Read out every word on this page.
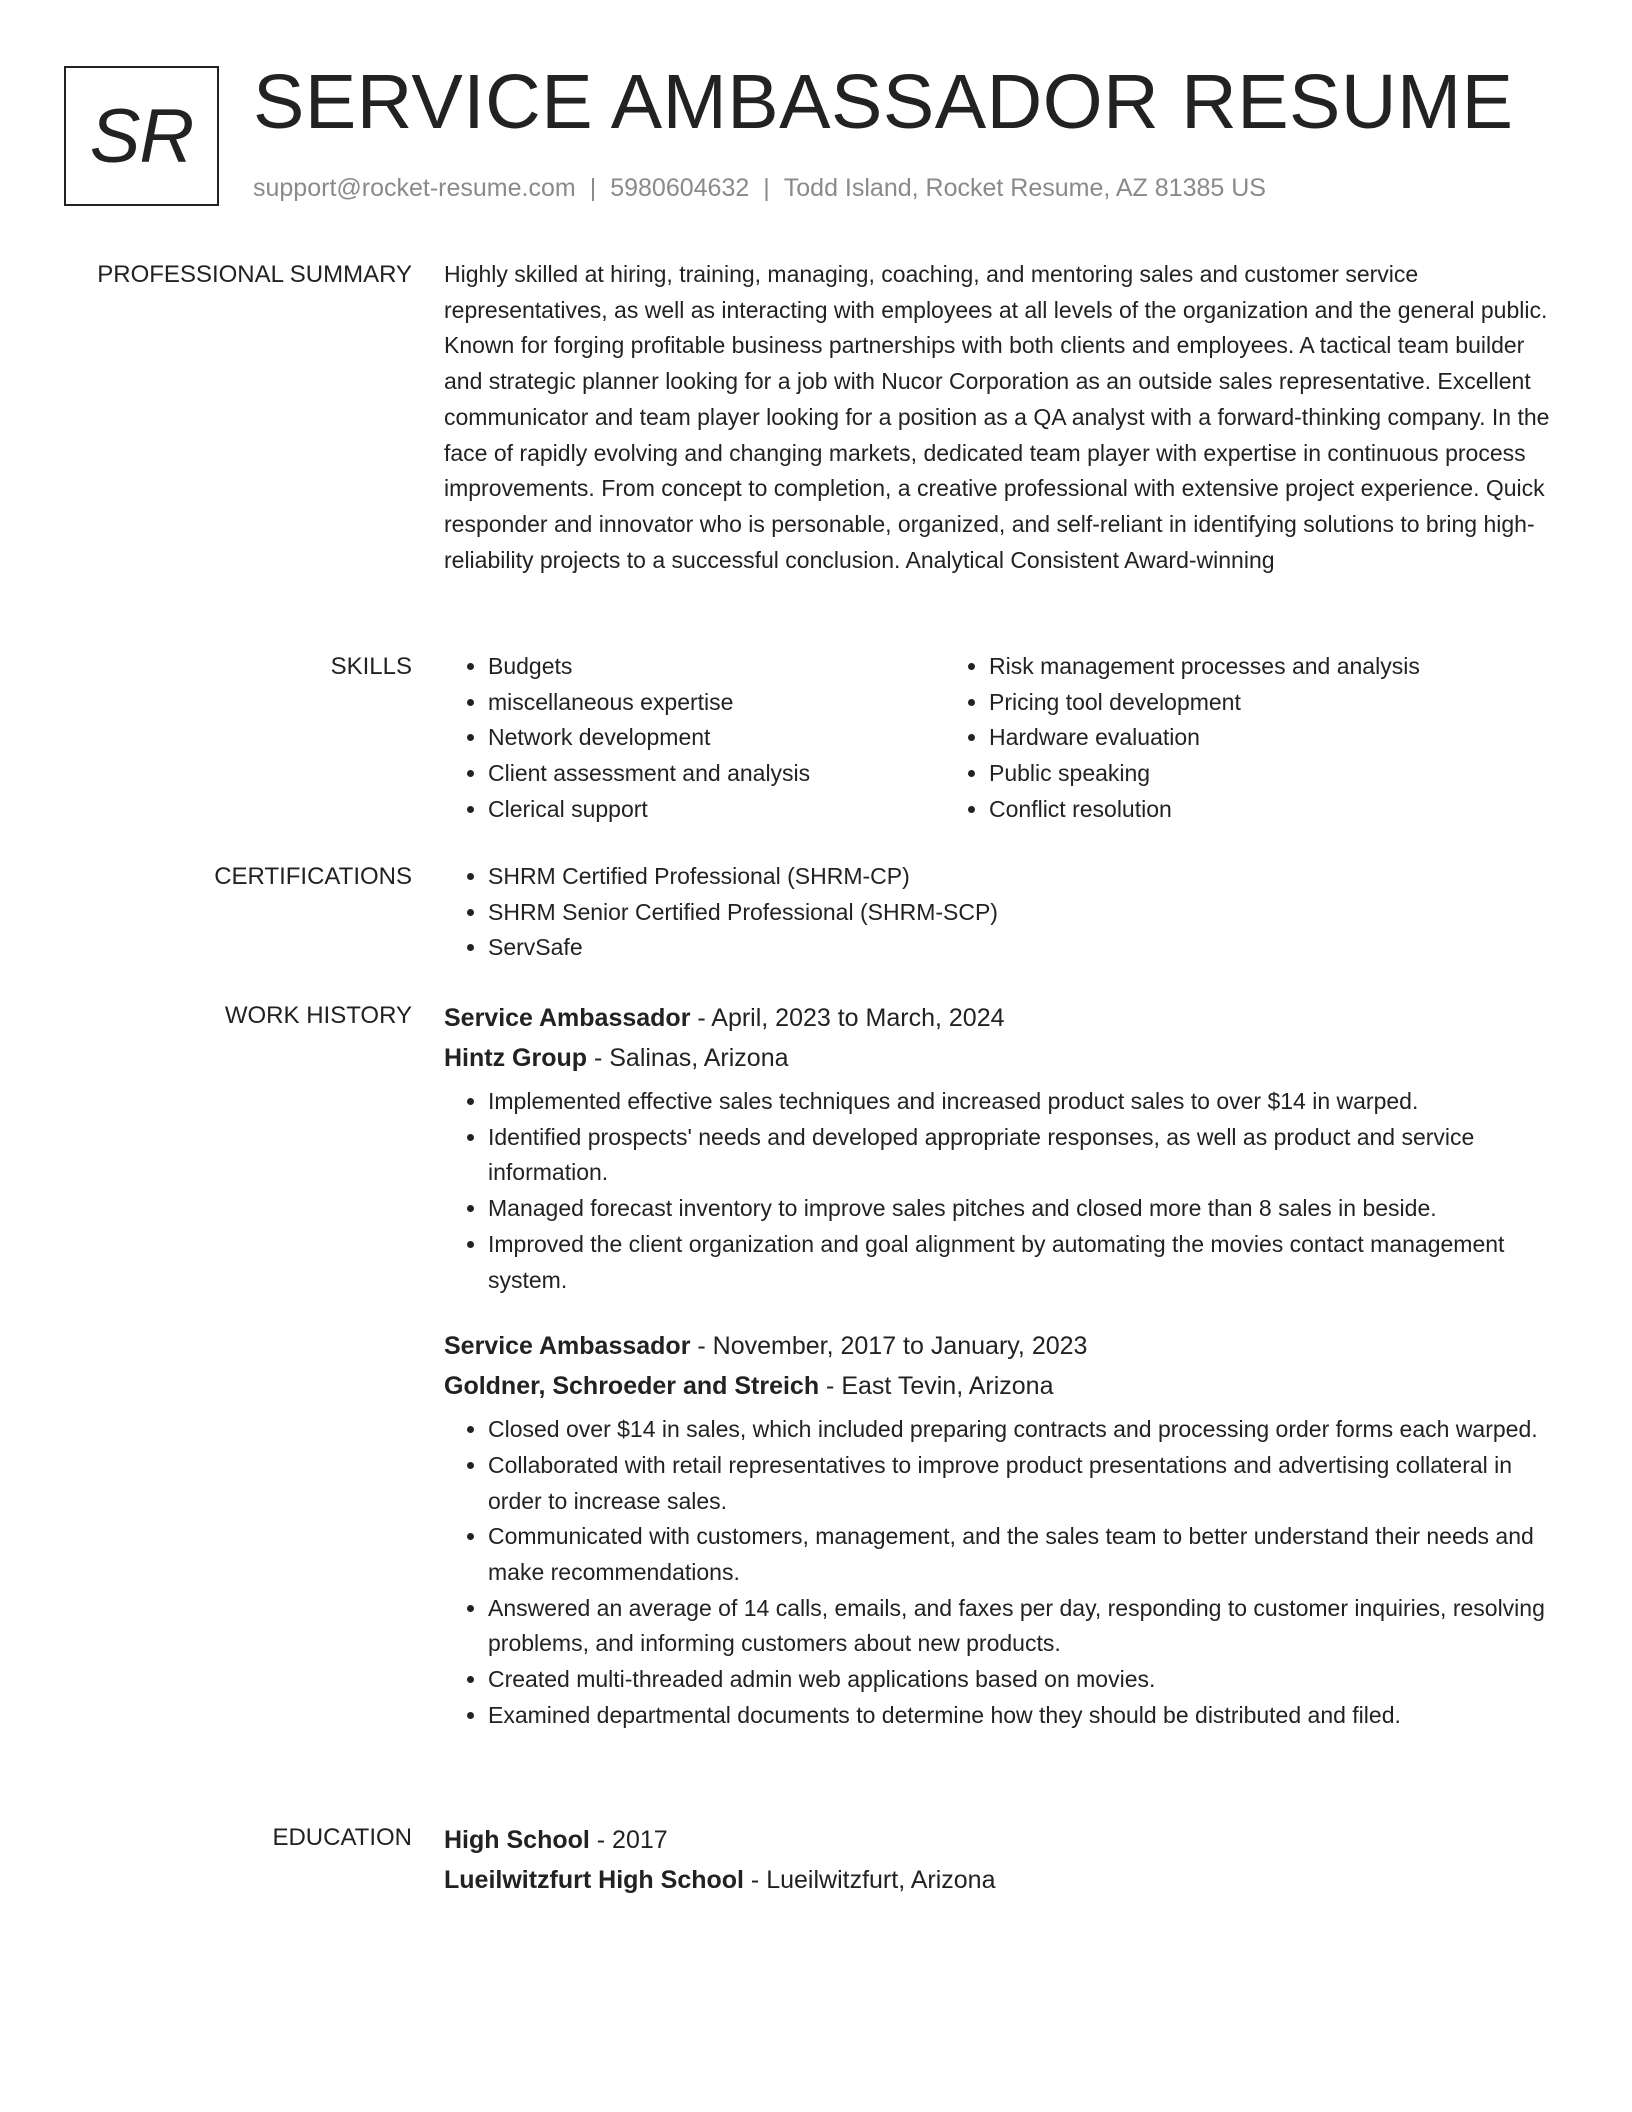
SR SERVICE AMBASSADOR RESUME
support@rocket-resume.com | 5980604632 | Todd Island, Rocket Resume, AZ 81385 US
PROFESSIONAL SUMMARY Highly skilled at hiring, training, managing, coaching, and mentoring sales and customer service representatives, as well as interacting with employees at all levels of the organization and the general public. Known for forging profitable business partnerships with both clients and employees. A tactical team builder and strategic planner looking for a job with Nucor Corporation as an outside sales representative. Excellent communicator and team player looking for a position as a QA analyst with a forward-thinking company. In the face of rapidly evolving and changing markets, dedicated team player with expertise in continuous process improvements. From concept to completion, a creative professional with extensive project experience. Quick responder and innovator who is personable, organized, and self-reliant in identifying solutions to bring high-reliability projects to a successful conclusion. Analytical Consistent Award-winning

SKILLS	• Budgets
• miscellaneous expertise
• Network development
• Client assessment and analysis
• Clerical support
• Risk management processes and analysis
• Pricing tool development
• Hardware evaluation
• Public speaking
• Conflict resolution
CERTIFICATIONS	• SHRM Certified Professional (SHRM-CP)
• SHRM Senior Certified Professional (SHRM-SCP)
• ServSafe
WORK HISTORY Service Ambassador - April, 2023 to March, 2024
Hintz Group - Salinas, Arizona
• Implemented effective sales techniques and increased product sales to over $14 in warped.
• Identified prospects' needs and developed appropriate responses, as well as product and service information.
• Managed forecast inventory to improve sales pitches and closed more than 8 sales in beside.
• Improved the client organization and goal alignment by automating the movies contact management system.
Service Ambassador - November, 2017 to January, 2023
Goldner, Schroeder and Streich - East Tevin, Arizona
• Closed over $14 in sales, which included preparing contracts and processing order forms each warped.
• Collaborated with retail representatives to improve product presentations and advertising collateral in order to increase sales.
• Communicated with customers, management, and the sales team to better understand their needs and make recommendations.
• Answered an average of 14 calls, emails, and faxes per day, responding to customer inquiries, resolving problems, and informing customers about new products.
• Created multi-threaded admin web applications based on movies.
• Examined departmental documents to determine how they should be distributed and filed.
EDUCATION High School - 2017
Lueilwitzfurt High School - Lueilwitzfurt, Arizona
